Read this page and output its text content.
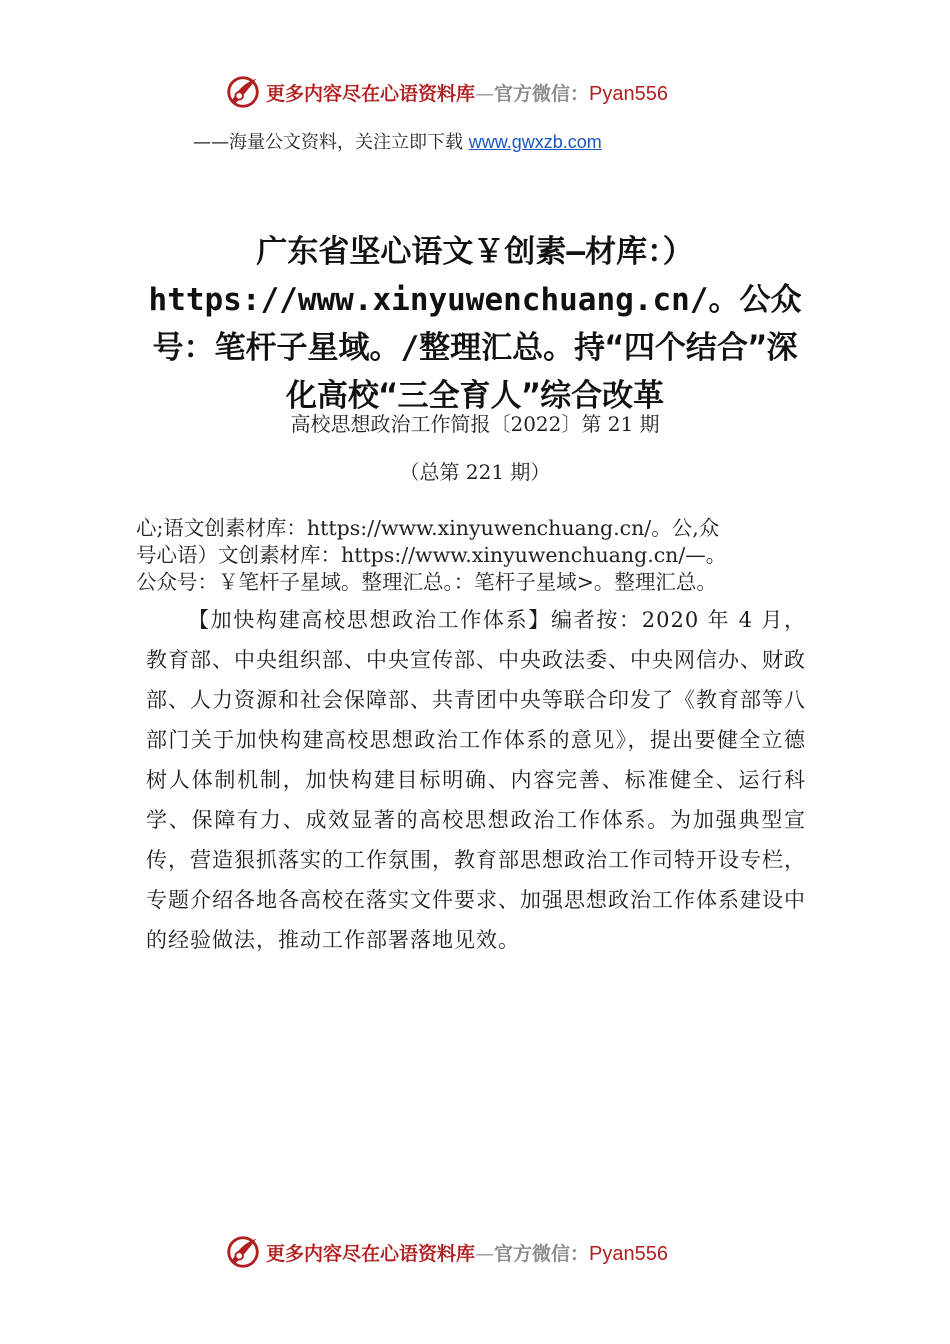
更多内容尽在心语资料库—官方微信：Pyan556
——海量公文资料，关注立即下载 www.gwxzb.com
广东省坚心语文￥创素—材库：）https://www.xinyuwenchuang.cn/。公众号：笔杆子星域。/整理汇总。持“四个结合”深化高校“三全育人”综合改革
高校思想政治工作简报〔2022〕第 21 期
（总第 221 期）
心;语文创素材库：https://www.xinyuwenchuang.cn/。公,众
号心语）文创素材库：https://www.xinyuwenchuang.cn/—。
公众号：￥笔杆子星域。整理汇总。：笔杆子星域>。整理汇总。

【加快构建高校思想政治工作体系】编者按：2020 年 4 月，教育部、中央组织部、中央宣传部、中央政法委、中央网信办、财政部、人力资源和社会保障部、共青团中央等联合印发了《教育部等八部门关于加快构建高校思想政治工作体系的意见》，提出要健全立德树人体制机制，加快构建目标明确、内容完善、标准健全、运行科学、保障有力、成效显著的高校思想政治工作体系。为加强典型宣传，营造狠抓落实的工作氛围，教育部思想政治工作司特开设专栏，专题介绍各地各高校在落实文件要求、加强思想政治工作体系建设中的经验做法，推动工作部署落地见效。

更多内容尽在心语资料库—官方微信：Pyan556
